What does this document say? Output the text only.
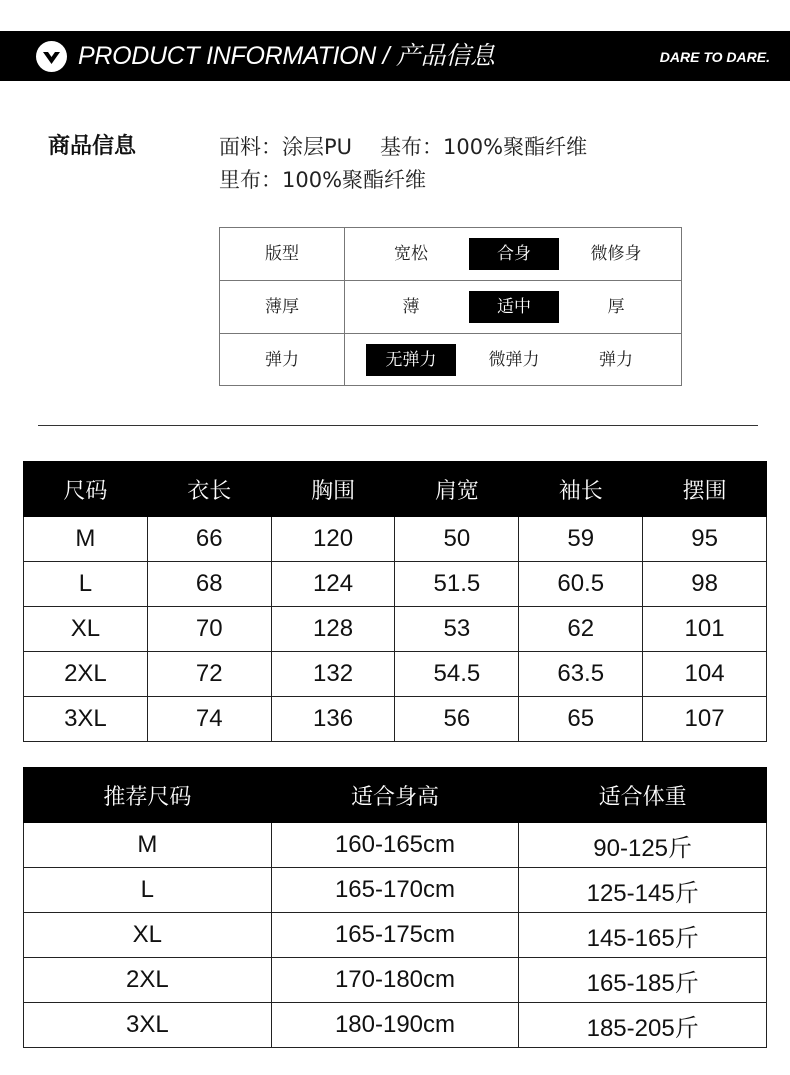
PRODUCT INFORMATION / 产品信息	DARE TO DARE.
商品信息	面料：涂层PU 基布：100%聚酯纤维
里布：100%聚酯纤维
版型	宽松	合身	微修身
薄厚	薄	适中	厚
弹力	无弹力	微弹力	弹力
尺码	衣长	胸围	肩宽	袖长	摆围
M	66	120	50	59	95
L	68	124	51.5	60.5	98
XL	70	128	53	62	101
2XL	72	132	54.5	63.5	104
3XL	74	136	56	65	107
推荐尺码	适合身高	适合体重
M	160-165cm	90-125斤
L	165-170cm	125-145斤
XL	165-175cm	145-165斤
2XL	170-180cm	165-185斤
3XL	180-190cm	185-205斤
